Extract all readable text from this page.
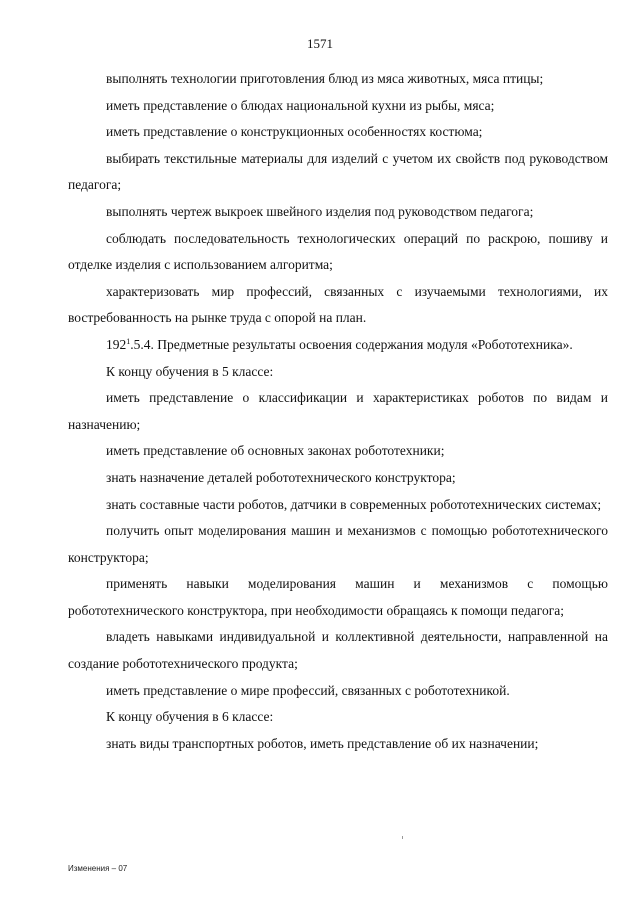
1571

выполнять технологии приготовления блюд из мяса животных, мяса птицы;

иметь представление о блюдах национальной кухни из рыбы, мяса;

иметь представление о конструкционных особенностях костюма;

выбирать текстильные материалы для изделий с учетом их свойств под руководством педагога;

выполнять чертеж выкроек швейного изделия под руководством педагога;

соблюдать последовательность технологических операций по раскрою, пошиву и отделке изделия с использованием алгоритма;

характеризовать мир профессий, связанных с изучаемыми технологиями, их востребованность на рынке труда с опорой на план.

$192^1.5.4$. Предметные результаты освоения содержания модуля «Робототехника».

К концу обучения в 5 классе:

иметь представление о классификации и характеристиках роботов по видам и назначению;

иметь представление об основных законах робототехники;

знать назначение деталей робототехнического конструктора;

знать составные части роботов, датчики в современных робототехнических системах;

получить опыт моделирования машин и механизмов с помощью робототехнического конструктора;

применять навыки моделирования машин и механизмов с помощью робототехнического конструктора, при необходимости обращаясь к помощи педагога;

владеть навыками индивидуальной и коллективной деятельности, направленной на создание робототехнического продукта;

иметь представление о мире профессий, связанных с робототехникой.

К концу обучения в 6 классе:

знать виды транспортных роботов, иметь представление об их назначении;

Изменения – 07
